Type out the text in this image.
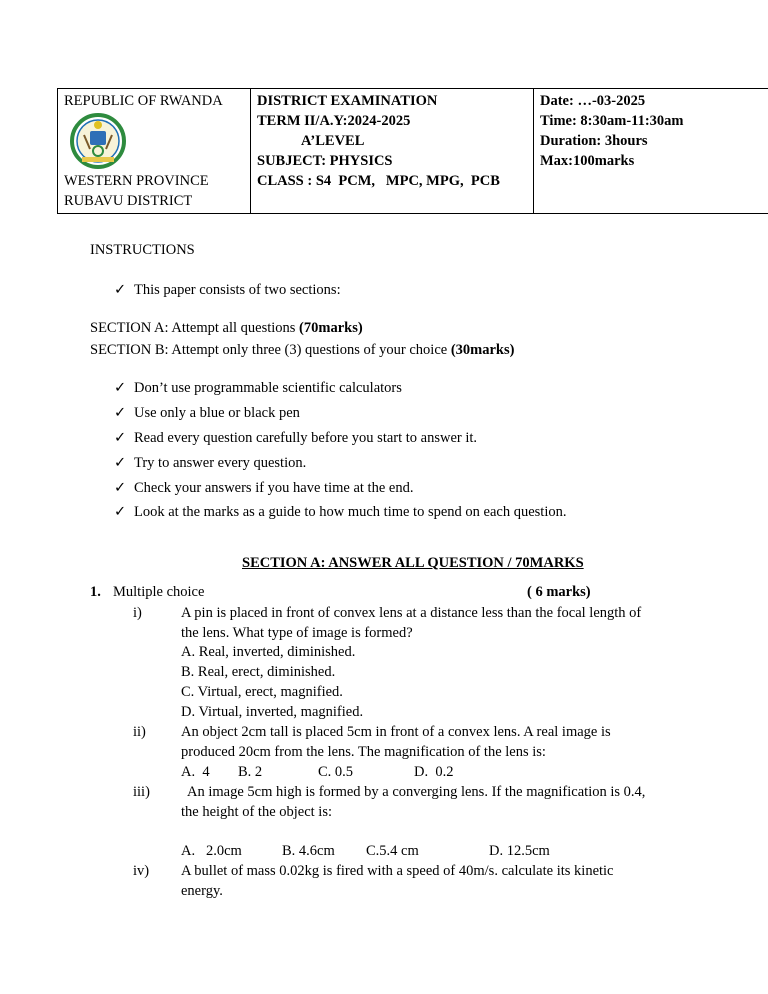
REPUBLIC OF RWANDA
WESTERN PROVINCE
RUBAVU DISTRICT

DISTRICT EXAMINATION
TERM II/A.Y:2024-2025
A’LEVEL
SUBJECT: PHYSICS
CLASS : S4  PCM,   MPC, MPG,  PCB

Date: …-03-2025
Time: 8:30am-11:30am
Duration: 3hours
Max:100marks
INSTRUCTIONS
✓ This paper consists of two sections:
SECTION A: Attempt all questions (70marks)
SECTION B: Attempt only three (3) questions of your choice (30marks)
✓ Don’t use programmable scientific calculators
✓ Use only a blue or black pen
✓ Read every question carefully before you start to answer it.
✓ Try to answer every question.
✓ Check your answers if you have time at the end.
✓ Look at the marks as a guide to how much time to spend on each question.
SECTION A: ANSWER ALL QUESTION / 70MARKS
1. Multiple choice	( 6 marks)
i)	A pin is placed in front of convex lens at a distance less than the focal length of
the lens. What type of image is formed?
A. Real, inverted, diminished.
B. Real, erect, diminished.
C. Virtual, erect, magnified.
D. Virtual, inverted, magnified.
ii) An object 2cm tall is placed 5cm in front of a convex lens. A real image is
produced 20cm from the lens. The magnification of the lens is:
A.  4 B. 2	C. 0.5	D.  0.2
iii)	An image 5cm high is formed by a converging lens. If the magnification is 0.4,
the height of the object is:
A.   2.0cm	B. 4.6cm C.5.4 cm	D. 12.5cm
iv) A bullet of mass 0.02kg is fired with a speed of 40m/s. calculate its kinetic
energy.
